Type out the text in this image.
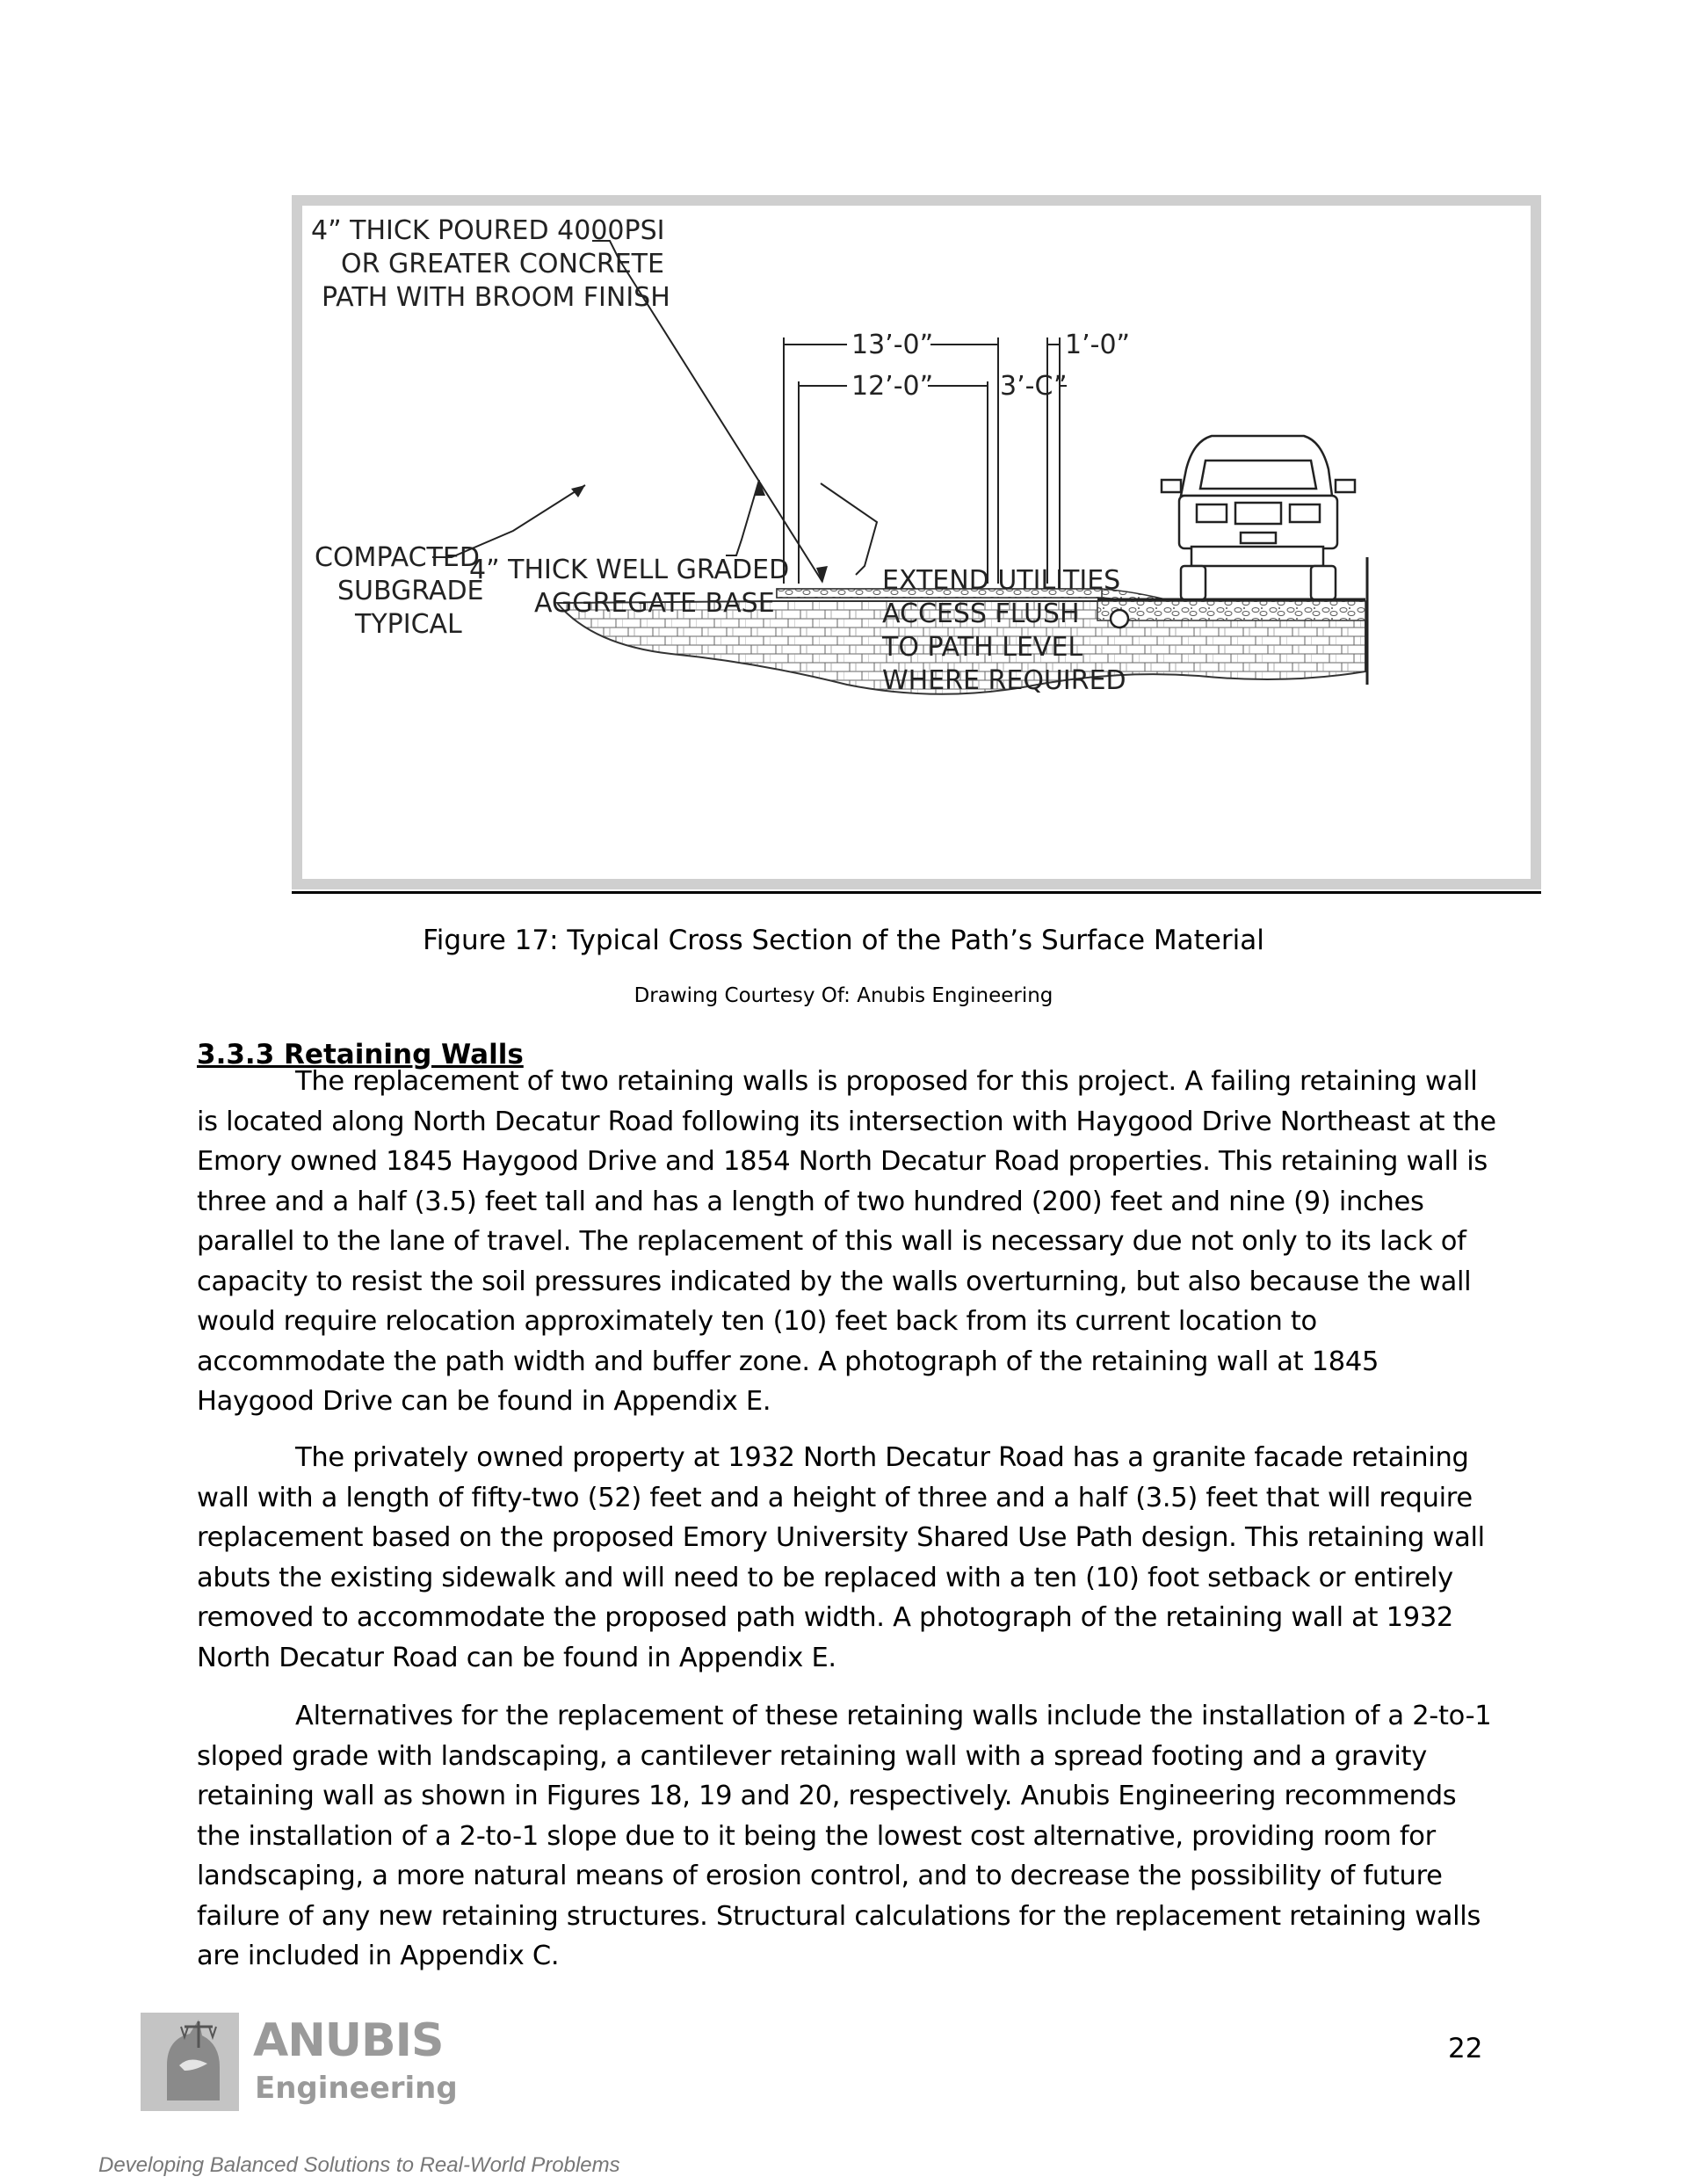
4” THICK POURED 4000PSI
OR GREATER CONCRETE
PATH WITH BROOM FINISH
13’-0”
12’-0”	3’-C”
1’-0”
COMPACTED
SUBGRADE
TYPICAL
4” THICK WELL GRADED
AGGREGATE BASE
EXTEND UTILITIES
ACCESS FLUSH
TO PATH LEVEL
WHERE REQUIRED
Figure 17: Typical Cross Section of the Path’s Surface Material
Drawing Courtesy Of: Anubis Engineering
3.3.3 Retaining Walls

The replacement of two retaining walls is proposed for this project. A failing retaining wall is located along North Decatur Road following its intersection with Haygood Drive Northeast at the Emory owned 1845 Haygood Drive and 1854 North Decatur Road properties. This retaining wall is three and a half (3.5) feet tall and has a length of two hundred (200) feet and nine (9) inches parallel to the lane of travel. The replacement of this wall is necessary due not only to its lack of capacity to resist the soil pressures indicated by the walls overturning, but also because the wall would require relocation approximately ten (10) feet back from its current location to accommodate the path width and buffer zone. A photograph of the retaining wall at 1845 Haygood Drive can be found in Appendix E.

The privately owned property at 1932 North Decatur Road has a granite facade retaining wall with a length of fifty-two (52) feet and a height of three and a half (3.5) feet that will require replacement based on the proposed Emory University Shared Use Path design. This retaining wall abuts the existing sidewalk and will need to be replaced with a ten (10) foot setback or entirely removed to accommodate the proposed path width. A photograph of the retaining wall at 1932 North Decatur Road can be found in Appendix E.

Alternatives for the replacement of these retaining walls include the installation of a 2-to-1 sloped grade with landscaping, a cantilever retaining wall with a spread footing and a gravity retaining wall as shown in Figures 18, 19 and 20, respectively. Anubis Engineering recommends the installation of a 2-to-1 slope due to it being the lowest cost alternative, providing room for landscaping, a more natural means of erosion control, and to decrease the possibility of future failure of any new retaining structures. Structural calculations for the replacement retaining walls are included in Appendix C.

22
ANUBIS
Engineering
Developing Balanced Solutions to Real-World Problems
